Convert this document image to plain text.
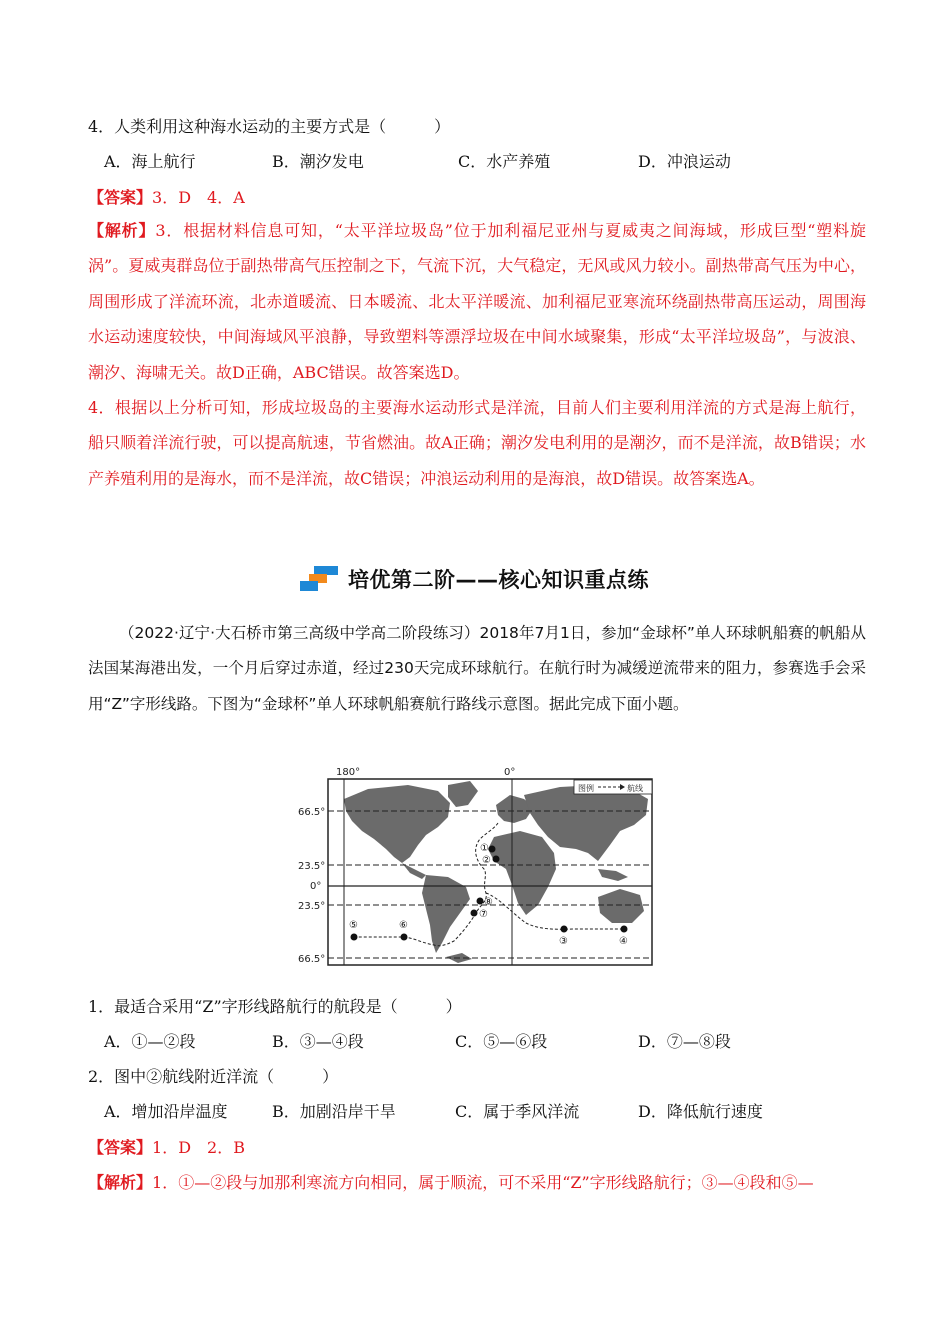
4．人类利用这种海水运动的主要方式是（　　　）
A．海上航行	B．潮汐发电	C．水产养殖	D．冲浪运动
【答案】3．D　4．A
【解析】3．根据材料信息可知，“太平洋垃圾岛”位于加利福尼亚州与夏威夷之间海域，形成巨型“塑料旋涡”。夏威夷群岛位于副热带高气压控制之下，气流下沉，大气稳定，无风或风力较小。副热带高气压为中心，周围形成了洋流环流，北赤道暖流、日本暖流、北太平洋暖流、加利福尼亚寒流环绕副热带高压运动，周围海水运动速度较快，中间海域风平浪静，导致塑料等漂浮垃圾在中间水域聚集，形成“太平洋垃圾岛”，与波浪、潮汐、海啸无关。故D正确，ABC错误。故答案选D。
4．根据以上分析可知，形成垃圾岛的主要海水运动形式是洋流，目前人们主要利用洋流的方式是海上航行，船只顺着洋流行驶，可以提高航速，节省燃油。故A正确；潮汐发电利用的是潮汐，而不是洋流，故B错误；水产养殖利用的是海水，而不是洋流，故C错误；冲浪运动利用的是海浪，故D错误。故答案选A。
培优第二阶——核心知识重点练
（2022·辽宁·大石桥市第三高级中学高二阶段练习）2018年7月1日，参加“金球杯”单人环球帆船赛的帆船从法国某海港出发，一个月后穿过赤道，经过230天完成环球航行。在航行时为减缓逆流带来的阻力，参赛选手会采用“Z”字形线路。下图为“金球杯”单人环球帆船赛航行路线示意图。据此完成下面小题。
180°	0°
66.5°
23.5°
0°
23.5°
66.5°
图例	航线
①
②
③	④
⑤	⑥
⑦
⑧
1．最适合采用“Z”字形线路航行的航段是（　　　）
A．①—②段	B．③—④段	C．⑤—⑥段	D．⑦—⑧段
2．图中②航线附近洋流（　　　）
A．增加沿岸温度	B．加剧沿岸干旱	C．属于季风洋流	D．降低航行速度
【答案】1．D　2．B
【解析】1．①—②段与加那利寒流方向相同，属于顺流，可不采用“Z”字形线路航行；③—④段和⑤—
